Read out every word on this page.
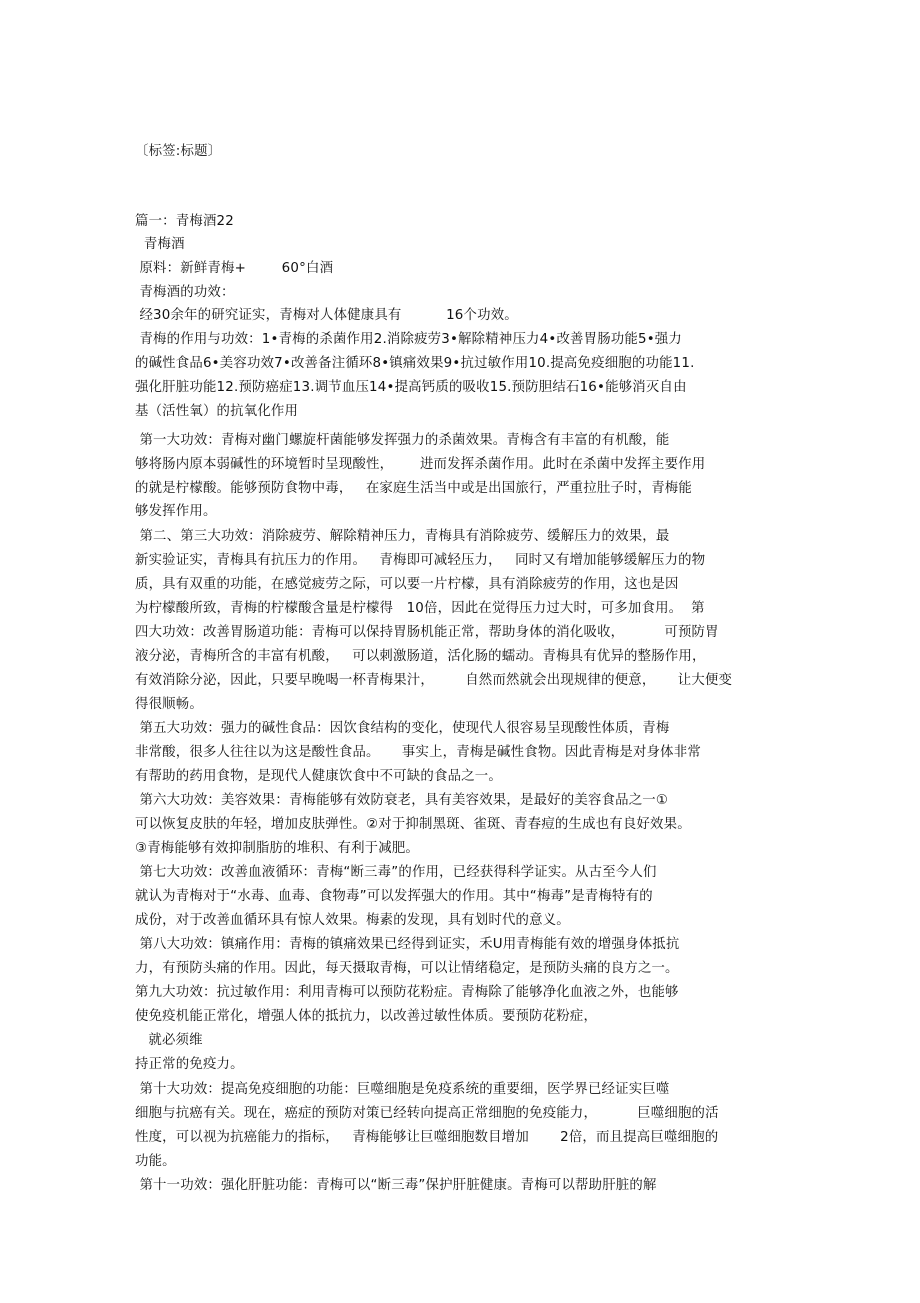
〔标签:标题〕
篇一：青梅酒22
青梅酒
原料：新鲜青梅+        60°白酒
青梅酒的功效：
经30余年的研究证实，青梅对人体健康具有          16个功效。
青梅的作用与功效：1•青梅的杀菌作用2.消除疲劳3•解除精神压力4•改善胃肠功能5•强力
的碱性食品6•美容功效7•改善备注循环8•镇痛效果9•抗过敏作用10.提高免疫细胞的功能11.
强化肝脏功能12.预防癌症13.调节血压14•提高钙质的吸收15.预防胆结石16•能够消灭自由
基（活性氧）的抗氧化作用
第一大功效：青梅对幽门螺旋杆菌能够发挥强力的杀菌效果。青梅含有丰富的有机酸，能
够将肠内原本弱碱性的环境暂时呈现酸性，      进而发挥杀菌作用。此时在杀菌中发挥主要作用
的就是柠檬酸。能够预防食物中毒，   在家庭生活当中或是出国旅行，严重拉肚子时，青梅能
够发挥作用。
第二、第三大功效：消除疲劳、解除精神压力，青梅具有消除疲劳、缓解压力的效果，最
新实验证实，青梅具有抗压力的作用。   青梅即可减轻压力，   同时又有增加能够缓解压力的物
质，具有双重的功能，在感觉疲劳之际，可以要一片柠檬，具有消除疲劳的作用，这也是因
为柠檬酸所致，青梅的柠檬酸含量是柠檬得   10倍，因此在觉得压力过大时，可多加食用。  第
四大功效：改善胃肠道功能：青梅可以保持胃肠机能正常，帮助身体的消化吸收，         可预防胃
液分泌，青梅所含的丰富有机酸，   可以刺激肠道，活化肠的蠕动。青梅具有优异的整肠作用，
有效消除分泌，因此，只要早晚喝一杯青梅果汁，       自然而然就会出现规律的便意，     让大便变
得很顺畅。
第五大功效：强力的碱性食品：因饮食结构的变化，使现代人很容易呈现酸性体质，青梅
非常酸，很多人往往以为这是酸性食品。     事实上，青梅是碱性食物。因此青梅是对身体非常
有帮助的药用食物，是现代人健康饮食中不可缺的食品之一。
第六大功效：美容效果：青梅能够有效防衰老，具有美容效果，是最好的美容食品之一①
可以恢复皮肤的年轻，增加皮肤弹性。②对于抑制黑斑、雀斑、青春痘的生成也有良好效果。
③青梅能够有效抑制脂肪的堆积、有利于减肥。
第七大功效：改善血液循环：青梅“断三毒”的作用，已经获得科学证实。从古至今人们
就认为青梅对于“水毒、血毒、食物毒”可以发挥强大的作用。其中“梅毒”是青梅特有的
成份，对于改善血循环具有惊人效果。梅素的发现，具有划时代的意义。
第八大功效：镇痛作用：青梅的镇痛效果已经得到证实，禾U用青梅能有效的增强身体抵抗
力，有预防头痛的作用。因此，每天摄取青梅，可以让情绪稳定，是预防头痛的良方之一。
第九大功效：抗过敏作用：利用青梅可以预防花粉症。青梅除了能够净化血液之外，也能够
使免疫机能正常化，增强人体的抵抗力，以改善过敏性体质。要预防花粉症，
就必须维
持正常的免疫力。
第十大功效：提高免疫细胞的功能：巨噬细胞是免疫系统的重要细，医学界已经证实巨噬
细胞与抗癌有关。现在，癌症的预防对策已经转向提高正常细胞的免疫能力，         巨噬细胞的活
性度，可以视为抗癌能力的指标，   青梅能够让巨噬细胞数目增加       2倍，而且提高巨噬细胞的
功能。
第十一功效：强化肝脏功能：青梅可以“断三毒”保护肝脏健康。青梅可以帮助肝脏的解
